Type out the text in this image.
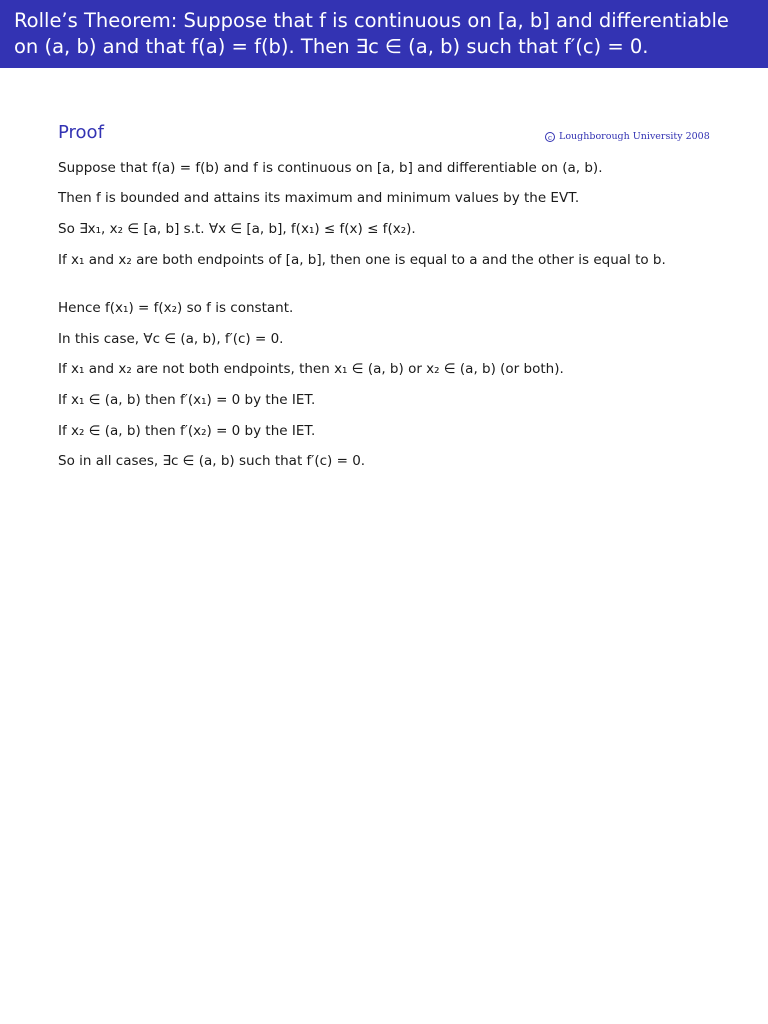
Rolle’s Theorem: Suppose that f is continuous on [a, b] and differentiable
on (a, b) and that f(a) = f(b). Then ∃c ∈ (a, b) such that f′(c) = 0.
Proof	c Loughborough University 2008
Suppose that f(a) = f(b) and f is continuous on [a, b] and differentiable on (a, b).
Then f is bounded and attains its maximum and minimum values by the EVT.
So ∃x₁, x₂ ∈ [a, b] s.t. ∀x ∈ [a, b], f(x₁) ≤ f(x) ≤ f(x₂).
If x₁ and x₂ are both endpoints of [a, b], then one is equal to a and the other is equal to b.
Hence f(x₁) = f(x₂) so f is constant.
In this case, ∀c ∈ (a, b), f′(c) = 0.
If x₁ and x₂ are not both endpoints, then x₁ ∈ (a, b) or x₂ ∈ (a, b) (or both).
If x₁ ∈ (a, b) then f′(x₁) = 0 by the IET.
If x₂ ∈ (a, b) then f′(x₂) = 0 by the IET.
So in all cases, ∃c ∈ (a, b) such that f′(c) = 0.
